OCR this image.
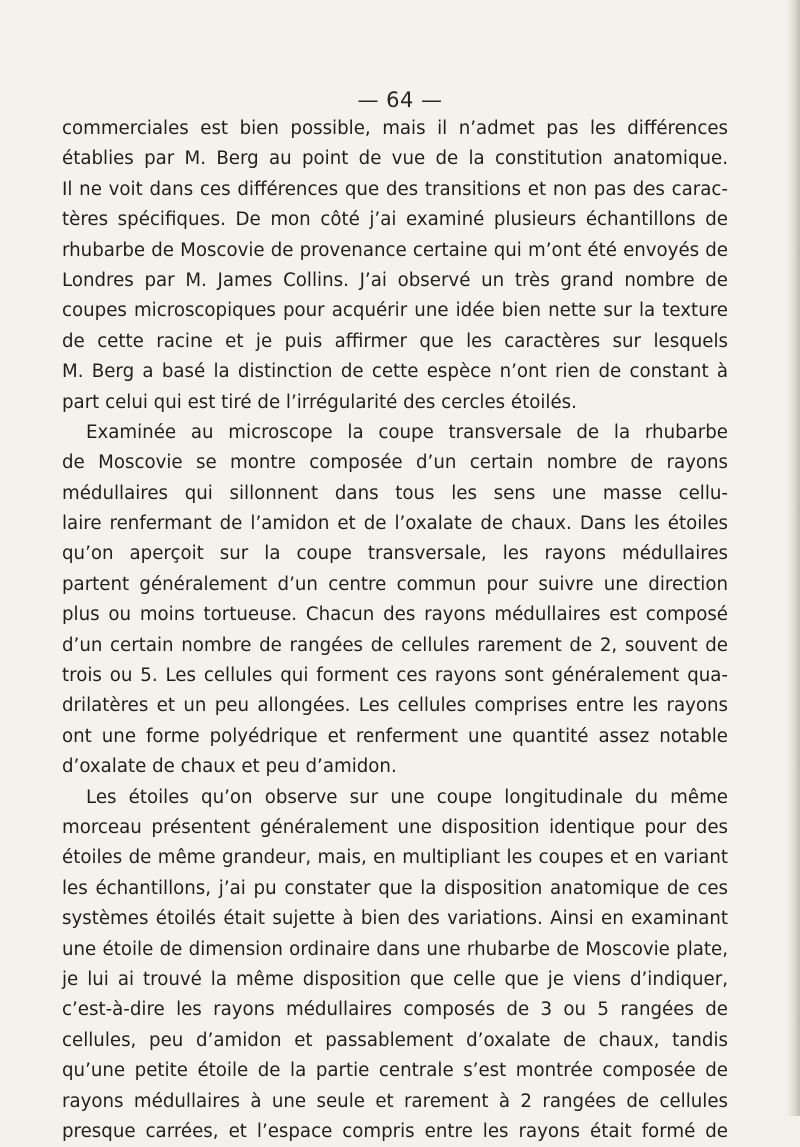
— 64 —
commerciales est bien possible, mais il n’admet pas les différences
établies par M. Berg au point de vue de la constitution anatomique.
Il ne voit dans ces différences que des transitions et non pas des carac-
tères spécifiques. De mon côté j’ai examiné plusieurs échantillons de
rhubarbe de Moscovie de provenance certaine qui m’ont été envoyés de
Londres par M. James Collins. J’ai observé un très grand nombre de
coupes microscopiques pour acquérir une idée bien nette sur la texture
de cette racine et je puis affirmer que les caractères sur lesquels
M. Berg a basé la distinction de cette espèce n’ont rien de constant à
part celui qui est tiré de l’irrégularité des cercles étoilés.
Examinée au microscope la coupe transversale de la rhubarbe
de Moscovie se montre composée d’un certain nombre de rayons
médullaires qui sillonnent dans tous les sens une masse cellu-
laire renfermant de l’amidon et de l’oxalate de chaux. Dans les étoiles
qu’on aperçoit sur la coupe transversale, les rayons médullaires
partent généralement d’un centre commun pour suivre une direction
plus ou moins tortueuse. Chacun des rayons médullaires est composé
d’un certain nombre de rangées de cellules rarement de 2, souvent de
trois ou 5. Les cellules qui forment ces rayons sont généralement qua-
drilatères et un peu allongées. Les cellules comprises entre les rayons
ont une forme polyédrique et renferment une quantité assez notable
d’oxalate de chaux et peu d’amidon.
Les étoiles qu’on observe sur une coupe longitudinale du même
morceau présentent généralement une disposition identique pour des
étoiles de même grandeur, mais, en multipliant les coupes et en variant
les échantillons, j’ai pu constater que la disposition anatomique de ces
systèmes étoilés était sujette à bien des variations. Ainsi en examinant
une étoile de dimension ordinaire dans une rhubarbe de Moscovie plate,
je lui ai trouvé la même disposition que celle que je viens d’indiquer,
c’est-à-dire les rayons médullaires composés de 3 ou 5 rangées de
cellules, peu d’amidon et passablement d’oxalate de chaux, tandis
qu’une petite étoile de la partie centrale s’est montrée composée de
rayons médullaires à une seule et rarement à 2 rangées de cellules
presque carrées, et l’espace compris entre les rayons était formé de
